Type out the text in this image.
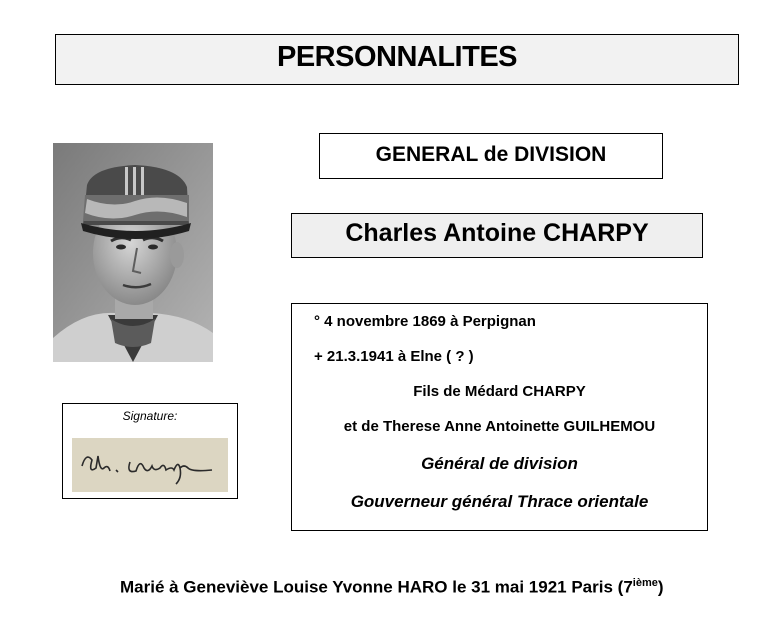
PERSONNALITES
GENERAL de DIVISION
Charles Antoine CHARPY
° 4 novembre 1869 à Perpignan
+ 21.3.1941 à Elne ( ? )
Fils de Médard CHARPY
et de Therese Anne Antoinette GUILHEMOU
Général de division
Gouverneur général Thrace orientale
Signature:
Marié à Geneviève Louise Yvonne HARO le 31 mai 1921 Paris (7ième)
